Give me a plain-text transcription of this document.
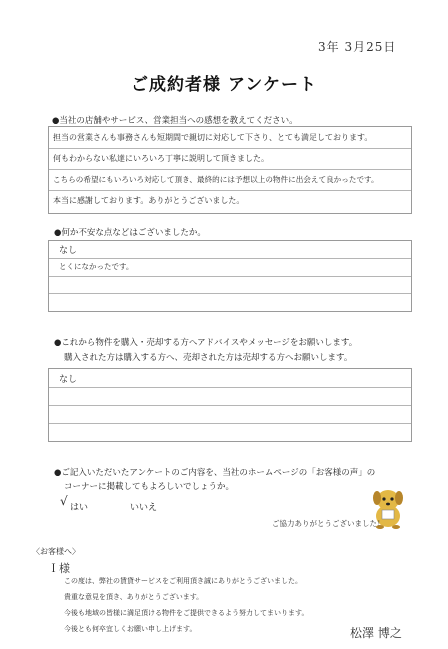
3年 3月25日
ご成約者様 アンケート
●当社の店舗やサービス、営業担当への感想を教えてください。
担当の営業さんも事務さんも短期間で親切に対応して下さり、とても満足しております。
何もわからない私達にいろいろ丁寧に説明して頂きました。
こちらの希望にもいろいろ対応して頂き、最終的には予想以上の物件に出会えて良かったです。
本当に感謝しております。ありがとうございました。
●何か不安な点などはございましたか。
なし
とくになかったです。
●これから物件を購入・売却する方へアドバイスやメッセージをお願いします。
購入された方は購入する方へ、売却された方は売却する方へお願いします。
なし
●ご記入いただいたアンケートのご内容を、当社のホームページの「お客様の声」の
コーナーに掲載してもよろしいでしょうか。
√ はい	いいえ
ご協力ありがとうございました！
〈お客様へ〉
Ｉ様
この度は、弊社の賃貸サービスをご利用頂き誠にありがとうございました。
貴重な意見を頂き、ありがとうございます。
今後も地域の皆様に満足頂ける物件をご提供できるよう努力してまいります。
今後とも何卒宜しくお願い申し上げます。	松澤 博之
